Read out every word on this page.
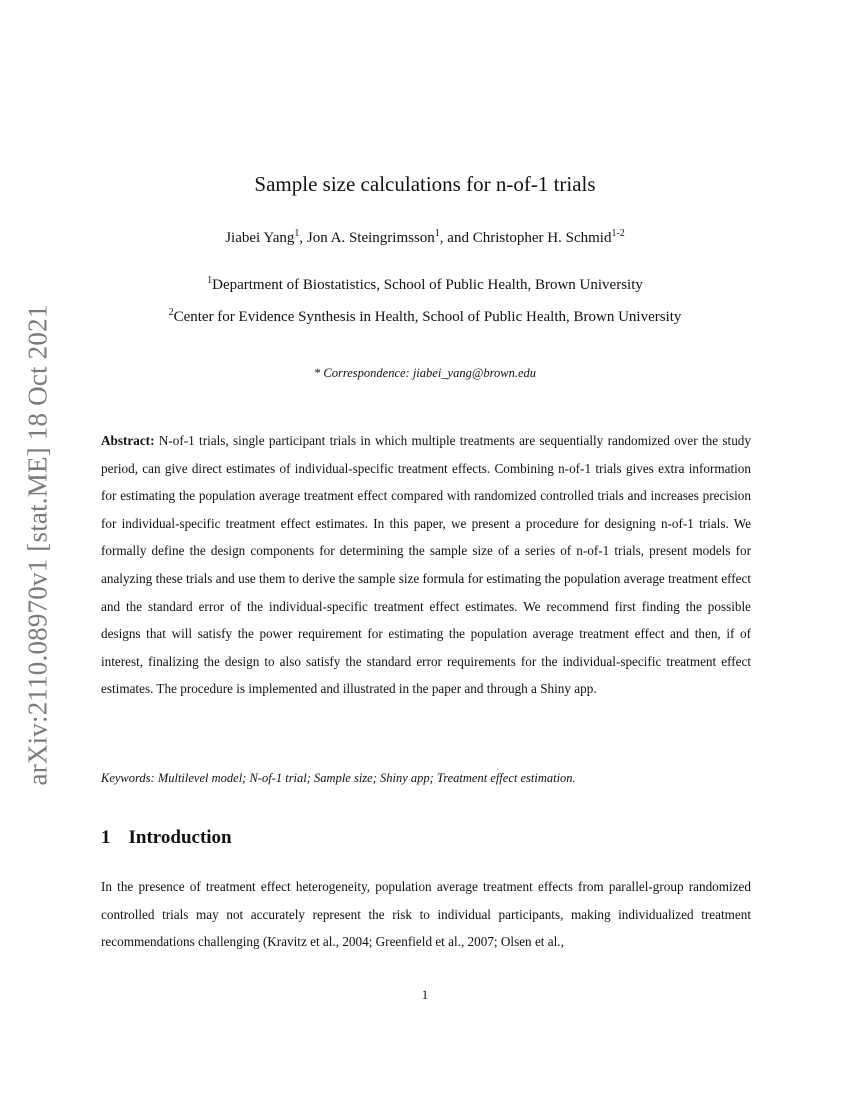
arXiv:2110.08970v1 [stat.ME] 18 Oct 2021
Sample size calculations for n-of-1 trials
Jiabei Yang$^1$, Jon A. Steingrimsson$^1$, and Christopher H. Schmid$^{1-2}$
$^1$Department of Biostatistics, School of Public Health, Brown University
$^2$Center for Evidence Synthesis in Health, School of Public Health, Brown University
* Correspondence: jiabei_yang@brown.edu
Abstract: N-of-1 trials, single participant trials in which multiple treatments are sequentially randomized over the study period, can give direct estimates of individual-specific treatment effects. Combining n-of-1 trials gives extra information for estimating the population average treatment effect compared with randomized controlled trials and increases precision for individual-specific treatment effect estimates. In this paper, we present a procedure for designing n-of-1 trials. We formally define the design components for determining the sample size of a series of n-of-1 trials, present models for analyzing these trials and use them to derive the sample size formula for estimating the population average treatment effect and the standard error of the individual-specific treatment effect estimates. We recommend first finding the possible designs that will satisfy the power requirement for estimating the population average treatment effect and then, if of interest, finalizing the design to also satisfy the standard error requirements for the individual-specific treatment effect estimates. The procedure is implemented and illustrated in the paper and through a Shiny app.
Keywords: Multilevel model; N-of-1 trial; Sample size; Shiny app; Treatment effect estimation.
1 Introduction
In the presence of treatment effect heterogeneity, population average treatment effects from parallel-group randomized controlled trials may not accurately represent the risk to individual participants, making individualized treatment recommendations challenging (Kravitz et al., 2004; Greenfield et al., 2007; Olsen et al.,
1
